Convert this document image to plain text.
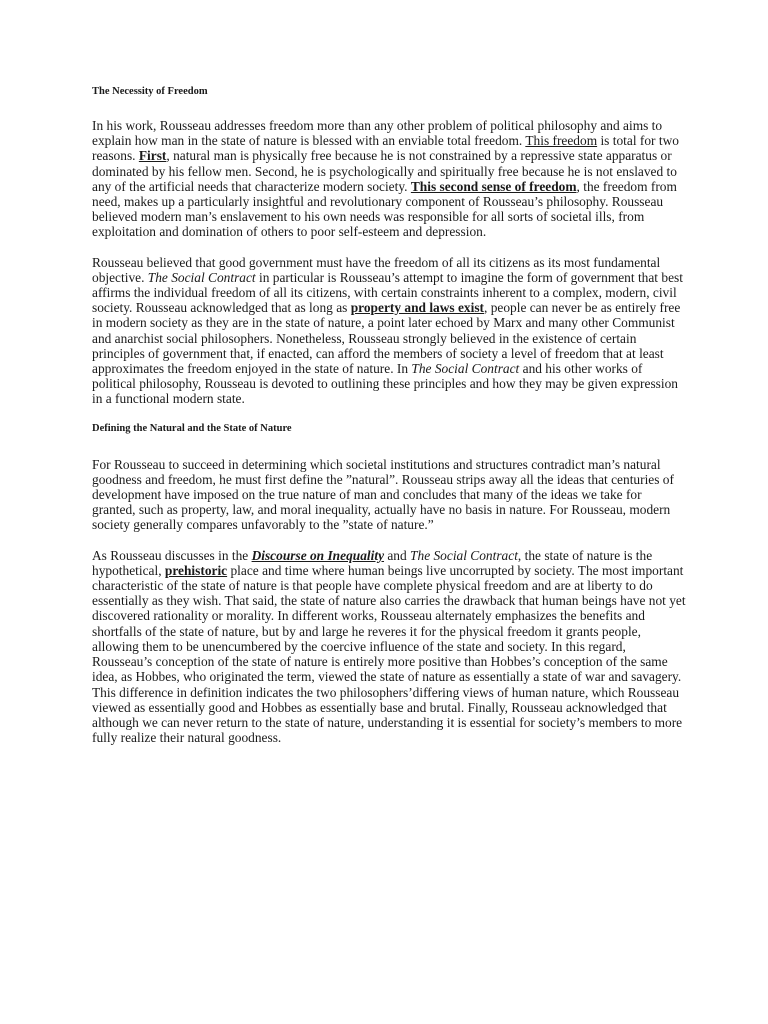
The Necessity of Freedom

In his work, Rousseau addresses freedom more than any other problem of political philosophy and aims to explain how man in the state of nature is blessed with an enviable total freedom. This freedom is total for two reasons. First, natural man is physically free because he is not constrained by a repressive state apparatus or dominated by his fellow men. Second, he is psychologically and spiritually free because he is not enslaved to any of the artificial needs that characterize modern society. This second sense of freedom, the freedom from need, makes up a particularly insightful and revolutionary component of Rousseau’s philosophy. Rousseau believed modern man’s enslavement to his own needs was responsible for all sorts of societal ills, from exploitation and domination of others to poor self-esteem and depression.

Rousseau believed that good government must have the freedom of all its citizens as its most fundamental objective. The Social Contract in particular is Rousseau’s attempt to imagine the form of government that best affirms the individual freedom of all its citizens, with certain constraints inherent to a complex, modern, civil society. Rousseau acknowledged that as long as property and laws exist, people can never be as entirely free in modern society as they are in the state of nature, a point later echoed by Marx and many other Communist and anarchist social philosophers. Nonetheless, Rousseau strongly believed in the existence of certain principles of government that, if enacted, can afford the members of society a level of freedom that at least approximates the freedom enjoyed in the state of nature. In The Social Contract and his other works of political philosophy, Rousseau is devoted to outlining these principles and how they may be given expression in a functional modern state.

Defining the Natural and the State of Nature

For Rousseau to succeed in determining which societal institutions and structures contradict man’s natural goodness and freedom, he must first define the ”natural”. Rousseau strips away all the ideas that centuries of development have imposed on the true nature of man and concludes that many of the ideas we take for granted, such as property, law, and moral inequality, actually have no basis in nature. For Rousseau, modern society generally compares unfavorably to the ”state of nature.”

As Rousseau discusses in the Discourse on Inequality and The Social Contract, the state of nature is the hypothetical, prehistoric place and time where human beings live uncorrupted by society. The most important characteristic of the state of nature is that people have complete physical freedom and are at liberty to do essentially as they wish. That said, the state of nature also carries the drawback that human beings have not yet discovered rationality or morality. In different works, Rousseau alternately emphasizes the benefits and shortfalls of the state of nature, but by and large he reveres it for the physical freedom it grants people, allowing them to be unencumbered by the coercive influence of the state and society. In this regard, Rousseau’s conception of the state of nature is entirely more positive than Hobbes’s conception of the same idea, as Hobbes, who originated the term, viewed the state of nature as essentially a state of war and savagery. This difference in definition indicates the two philosophers’differing views of human nature, which Rousseau viewed as essentially good and Hobbes as essentially base and brutal. Finally, Rousseau acknowledged that although we can never return to the state of nature, understanding it is essential for society’s members to more fully realize their natural goodness.
